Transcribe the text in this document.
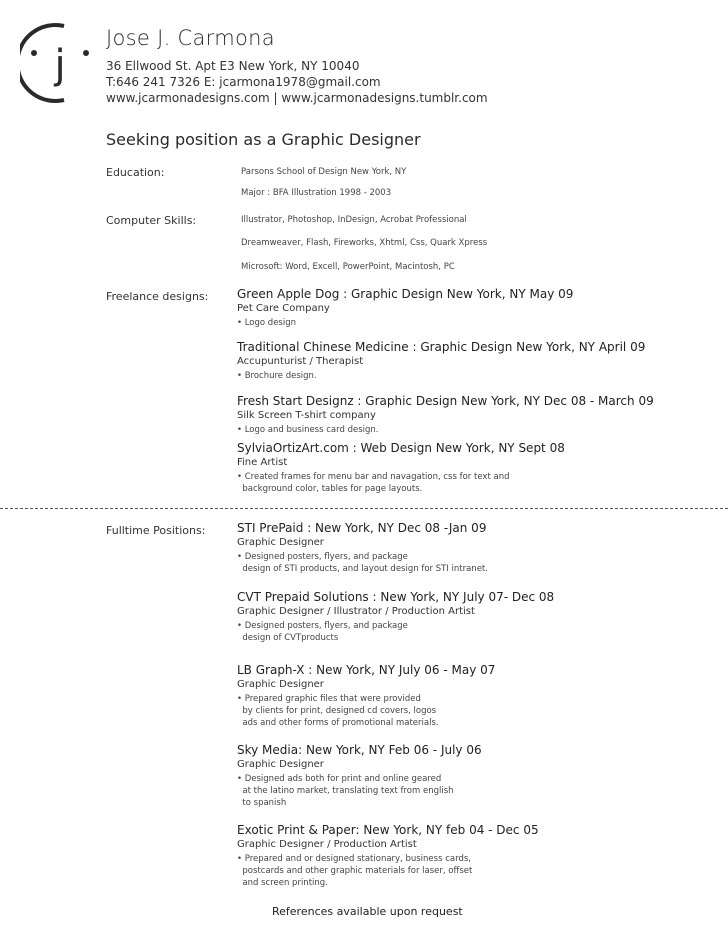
j
Jose J. Carmona
36 Ellwood St. Apt E3 New York, NY 10040
T:646 241 7326 E: jcarmona1978@gmail.com
www.jcarmonadesigns.com | www.jcarmonadesigns.tumblr.com
Seeking position as a Graphic Designer
Education:	Parsons School of Design New York, NY
Major : BFA Illustration 1998 - 2003
Computer Skills:	Illustrator, Photoshop, InDesign, Acrobat Professional
Dreamweaver, Flash, Fireworks, Xhtml, Css, Quark Xpress
Microsoft: Word, Excell, PowerPoint, Macintosh, PC
Freelance designs: Green Apple Dog : Graphic Design New York, NY May 09
Pet Care Company
• Logo design
Traditional Chinese Medicine : Graphic Design New York, NY April 09
Accupunturist / Therapist
• Brochure design.
Fresh Start Designz : Graphic Design New York, NY Dec 08 - March 09
Silk Screen T-shirt company
• Logo and business card design.
SylviaOrtizArt.com : Web Design New York, NY Sept 08
Fine Artist
• Created frames for menu bar and navagation, css for text and
background color, tables for page layouts.
Fulltime Positions:	STI PrePaid : New York, NY Dec 08 -Jan 09
Graphic Designer
• Designed posters, flyers, and package
design of STI products, and layout design for STI intranet.
CVT Prepaid Solutions : New York, NY July 07- Dec 08
Graphic Designer / Illustrator / Production Artist
• Designed posters, flyers, and package
design of CVTproducts
LB Graph-X : New York, NY July 06 - May 07
Graphic Designer
• Prepared graphic files that were provided
by clients for print, designed cd covers, logos
ads and other forms of promotional materials.
Sky Media: New York, NY Feb 06 - July 06
Graphic Designer
• Designed ads both for print and online geared
at the latino market, translating text from english
to spanish
Exotic Print & Paper: New York, NY feb 04 - Dec 05
Graphic Designer / Production Artist
• Prepared and or designed stationary, business cards,
postcards and other graphic materials for laser, offset
and screen printing.
References available upon request
